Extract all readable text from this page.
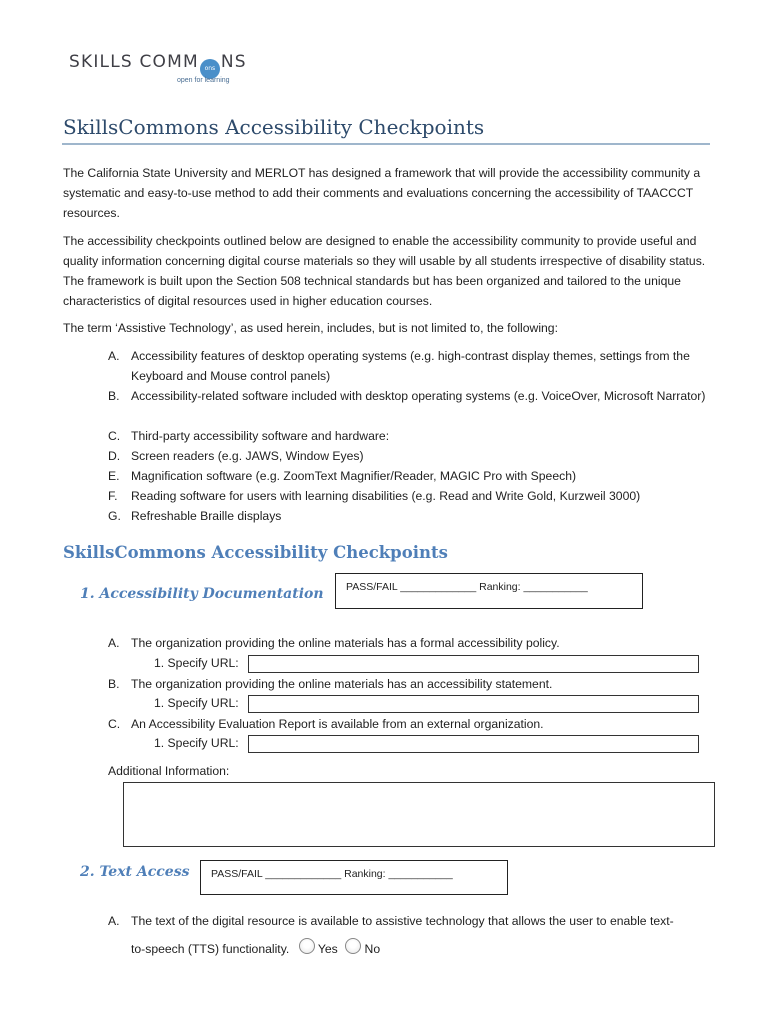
SKILLS COMM ons NS
open for learning
SkillsCommons Accessibility Checkpoints
The California State University and MERLOT has designed a framework that will provide the accessibility community a systematic and easy-to-use method to add their comments and evaluations concerning the accessibility of TAACCCT resources.
The accessibility checkpoints outlined below are designed to enable the accessibility community to provide useful and quality information concerning digital course materials so they will usable by all students irrespective of disability status. The framework is built upon the Section 508 technical standards but has been organized and tailored to the unique characteristics of digital resources used in higher education courses.
The term ‘Assistive Technology’, as used herein, includes, but is not limited to, the following:
A. Accessibility features of desktop operating systems (e.g. high-contrast display themes, settings from the Keyboard and Mouse control panels)
B. Accessibility-related software included with desktop operating systems (e.g. VoiceOver, Microsoft Narrator)
C. Third-party accessibility software and hardware:
D. Screen readers (e.g. JAWS, Window Eyes)
E. Magnification software (e.g. ZoomText Magnifier/Reader, MAGIC Pro with Speech)
F. Reading software for users with learning disabilities (e.g. Read and Write Gold, Kurzweil 3000)
G. Refreshable Braille displays
SkillsCommons Accessibility Checkpoints
1. Accessibility Documentation PASS/FAIL _____________ Ranking: ___________
A. The organization providing the online materials has a formal accessibility policy.
1. Specify URL:
B. The organization providing the online materials has an accessibility statement.
1. Specify URL:
C. An Accessibility Evaluation Report is available from an external organization.
1. Specify URL:
Additional Information:
2. Text Access PASS/FAIL _____________ Ranking: ___________
A. The text of the digital resource is available to assistive technology that allows the user to enable text-
to-speech (TTS) functionality. Yes No
